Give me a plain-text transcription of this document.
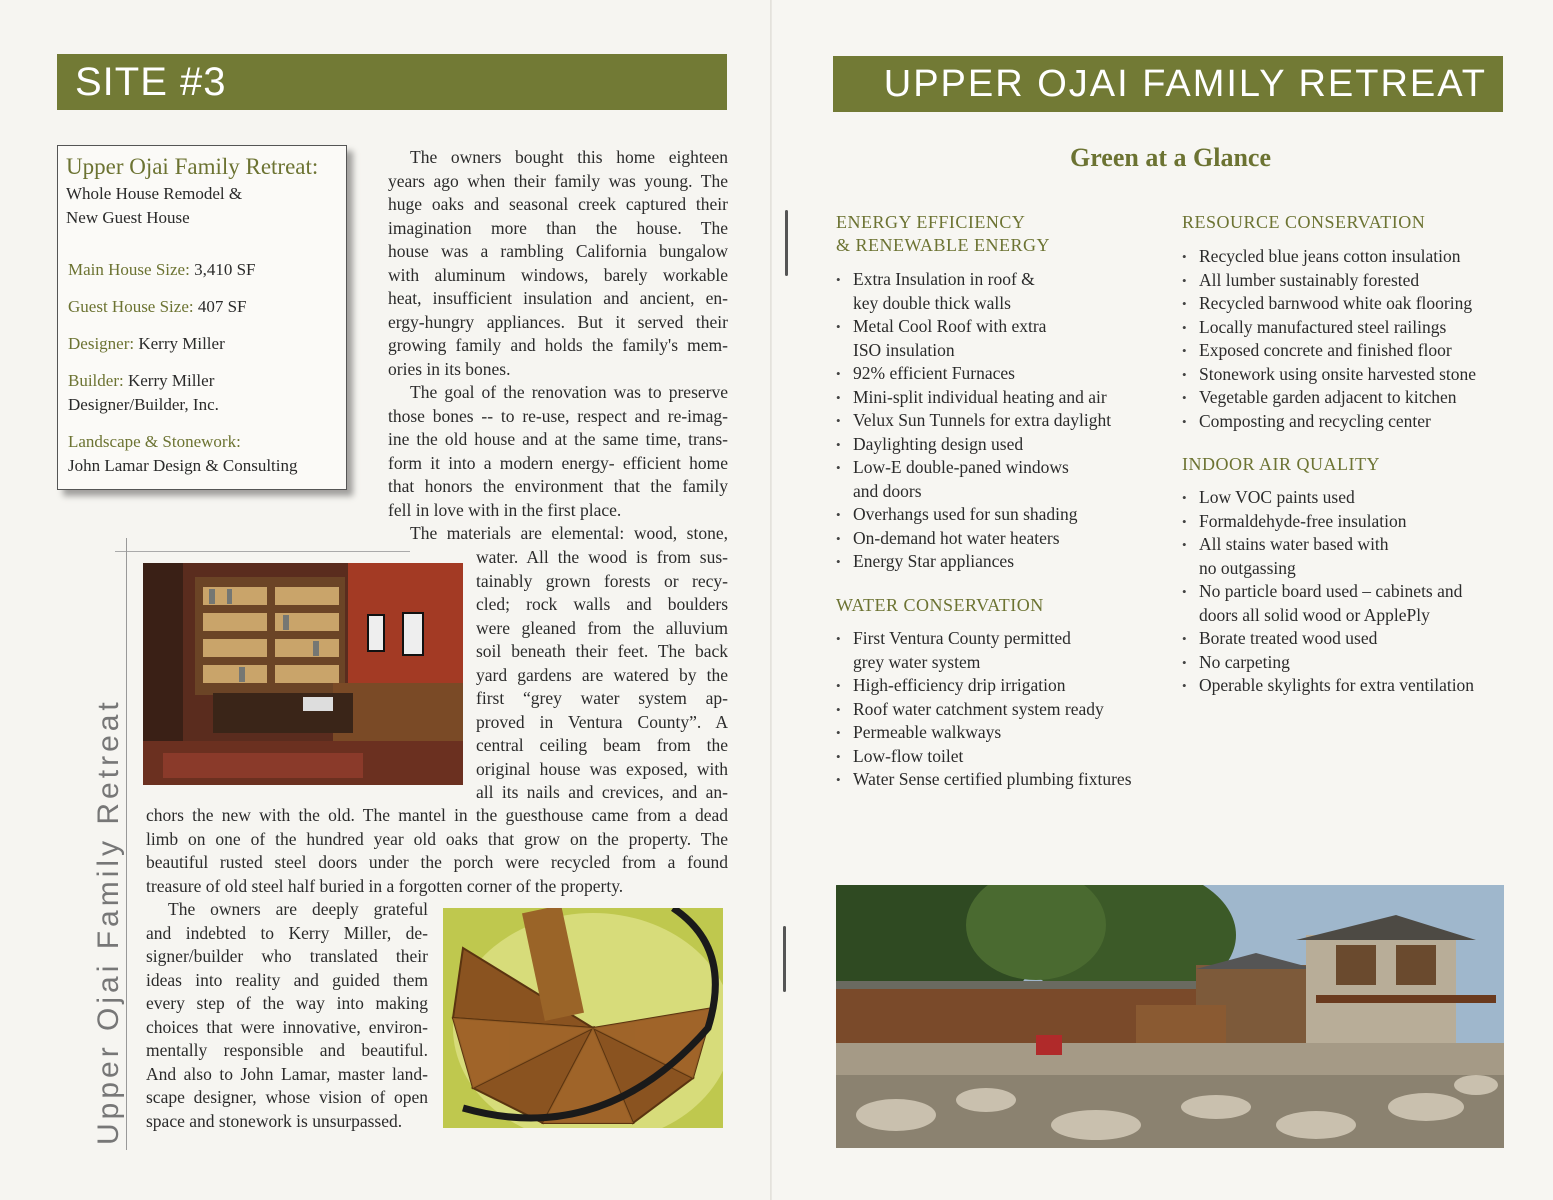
SITE #3
Upper Ojai Family Retreat:
Whole House Remodel &
New Guest House
Main House Size: 3,410 SF
Guest House Size: 407 SF
Designer: Kerry Miller
Builder: Kerry Miller
Designer/Builder, Inc.
Landscape & Stonework:
John Lamar Design & Consulting
The owners bought this home eighteen
years ago when their family was young. The
huge oaks and seasonal creek captured their
imagination more than the house. The
house was a rambling California bungalow
with aluminum windows, barely workable
heat, insufficient insulation and ancient, en-
ergy-hungry appliances. But it served their
growing family and holds the family's mem-
ories in its bones.
The goal of the renovation was to preserve
those bones -- to re-use, respect and re-imag-
ine the old house and at the same time, trans-
form it into a modern energy- efficient home
that honors the environment that the family
fell in love with in the first place.
The materials are elemental: wood, stone,
water. All the wood is from sus-
tainably grown forests or recy-
cled; rock walls and boulders
were gleaned from the alluvium
soil beneath their feet. The back
yard gardens are watered by the
first “grey water system ap-
proved in Ventura County”. A
central ceiling beam from the
original house was exposed, with
all its nails and crevices, and an-
chors the new with the old. The mantel in the guesthouse came from a dead
limb on one of the hundred year old oaks that grow on the property. The
beautiful rusted steel doors under the porch were recycled from a found
treasure of old steel half buried in a forgotten corner of the property.
The owners are deeply grateful
and indebted to Kerry Miller, de-
signer/builder who translated their
ideas into reality and guided them
every step of the way into making
choices that were innovative, environ-
mentally responsible and beautiful.
And also to John Lamar, master land-
scape designer, whose vision of open
space and stonework is unsurpassed.
Upper Ojai Family Retreat
UPPER OJAI FAMILY RETREAT
Green at a Glance
ENERGY EFFICIENCY
& RENEWABLE ENERGY
• Extra Insulation in roof &
key double thick walls
• Metal Cool Roof with extra
ISO insulation
• 92% efficient Furnaces
• Mini-split individual heating and air
• Velux Sun Tunnels for extra daylight
• Daylighting design used
• Low-E double-paned windows
and doors
• Overhangs used for sun shading
• On-demand hot water heaters
• Energy Star appliances
WATER CONSERVATION
• First Ventura County permitted
grey water system
• High-efficiency drip irrigation
• Roof water catchment system ready
• Permeable walkways
• Low-flow toilet
• Water Sense certified plumbing fixtures
RESOURCE CONSERVATION
• Recycled blue jeans cotton insulation
• All lumber sustainably forested
• Recycled barnwood white oak flooring
• Locally manufactured steel railings
• Exposed concrete and finished floor
• Stonework using onsite harvested stone
• Vegetable garden adjacent to kitchen
• Composting and recycling center
INDOOR AIR QUALITY
• Low VOC paints used
• Formaldehyde-free insulation
• All stains water based with
no outgassing
• No particle board used – cabinets and
doors all solid wood or ApplePly
• Borate treated wood used
• No carpeting
• Operable skylights for extra ventilation
